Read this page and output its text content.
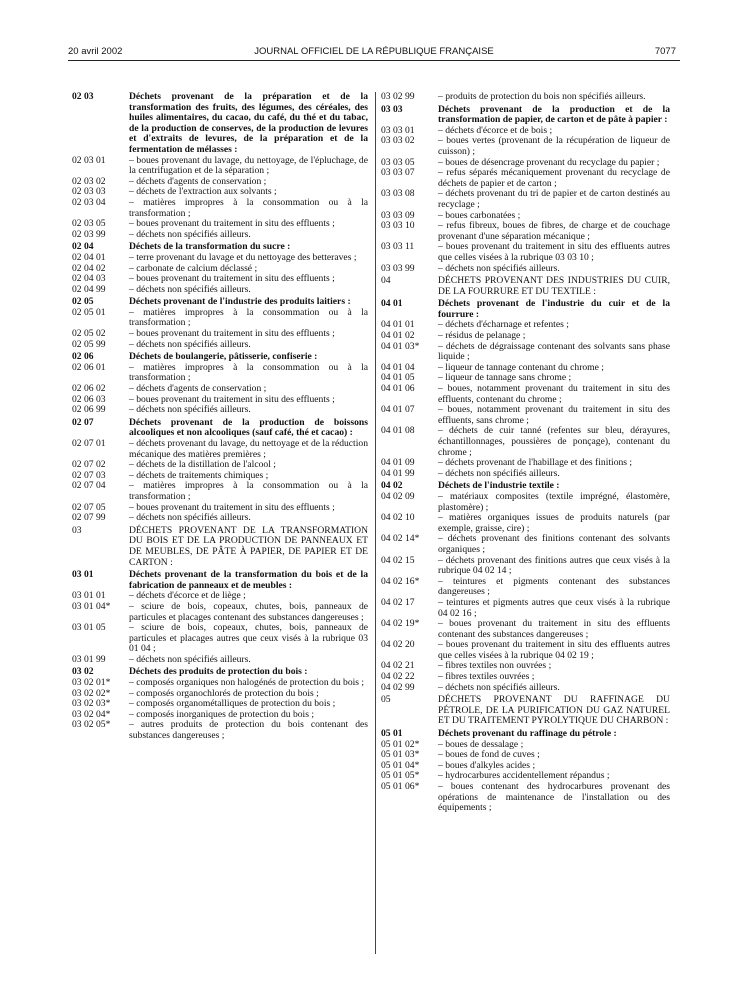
20 avril 2002	JOURNAL OFFICIEL DE LA RÉPUBLIQUE FRANÇAISE	7077
02 03	Déchets provenant de la préparation et de la transformation des fruits, des légumes, des céréales, des huiles alimentaires, du cacao, du café, du thé et du tabac, de la production de conserves, de la production de levures et d'extraits de levures, de la préparation et de la fermentation de mélasses :
02 03 01	– boues provenant du lavage, du nettoyage, de l'épluchage, de la centrifugation et de la séparation ;
02 03 02	– déchets d'agents de conservation ;
02 03 03	– déchets de l'extraction aux solvants ;
02 03 04	– matières impropres à la consommation ou à la transformation ;
02 03 05	– boues provenant du traitement in situ des effluents ;
02 03 99	– déchets non spécifiés ailleurs.
02 04	Déchets de la transformation du sucre :
02 04 01	– terre provenant du lavage et du nettoyage des betteraves ;
02 04 02	– carbonate de calcium déclassé ;
02 04 03	– boues provenant du traitement in situ des effluents ;
02 04 99	– déchets non spécifiés ailleurs.
02 05	Déchets provenant de l'industrie des produits laitiers :
02 05 01	– matières impropres à la consommation ou à la transformation ;
02 05 02	– boues provenant du traitement in situ des effluents ;
02 05 99	– déchets non spécifiés ailleurs.
02 06	Déchets de boulangerie, pâtisserie, confiserie :
02 06 01	– matières impropres à la consommation ou à la transformation ;
02 06 02	– déchets d'agents de conservation ;
02 06 03	– boues provenant du traitement in situ des effluents ;
02 06 99	– déchets non spécifiés ailleurs.
02 07	Déchets provenant de la production de boissons alcooliques et non alcooliques (sauf café, thé et cacao) :
02 07 01	– déchets provenant du lavage, du nettoyage et de la réduction mécanique des matières premières ;
02 07 02	– déchets de la distillation de l'alcool ;
02 07 03	– déchets de traitements chimiques ;
02 07 04	– matières impropres à la consommation ou à la transformation ;
02 07 05	– boues provenant du traitement in situ des effluents ;
02 07 99	– déchets non spécifiés ailleurs.
03	DÉCHETS PROVENANT DE LA TRANSFORMATION DU BOIS ET DE LA PRODUCTION DE PANNEAUX ET DE MEUBLES, DE PÂTE À PAPIER, DE PAPIER ET DE CARTON :
03 01	Déchets provenant de la transformation du bois et de la fabrication de panneaux et de meubles :
03 01 01	– déchets d'écorce et de liège ;
03 01 04*	– sciure de bois, copeaux, chutes, bois, panneaux de particules et placages contenant des substances dangereuses ;
03 01 05	– sciure de bois, copeaux, chutes, bois, panneaux de particules et placages autres que ceux visés à la rubrique 03 01 04 ;
03 01 99	– déchets non spécifiés ailleurs.
03 02	Déchets des produits de protection du bois :
03 02 01*	– composés organiques non halogénés de protection du bois ;
03 02 02*	– composés organochlorés de protection du bois ;
03 02 03*	– composés organométalliques de protection du bois ;
03 02 04*	– composés inorganiques de protection du bois ;
03 02 05*	– autres produits de protection du bois contenant des substances dangereuses ;
03 02 99	– produits de protection du bois non spécifiés ailleurs.
03 03	Déchets provenant de la production et de la transformation de papier, de carton et de pâte à papier :
03 03 01	– déchets d'écorce et de bois ;
03 03 02	– boues vertes (provenant de la récupération de liqueur de cuisson) ;
03 03 05	– boues de désencrage provenant du recyclage du papier ;
03 03 07	– refus séparés mécaniquement provenant du recyclage de déchets de papier et de carton ;
03 03 08	– déchets provenant du tri de papier et de carton destinés au recyclage ;
03 03 09	– boues carbonatées ;
03 03 10	– refus fibreux, boues de fibres, de charge et de couchage provenant d'une séparation mécanique ;
03 03 11	– boues provenant du traitement in situ des effluents autres que celles visées à la rubrique 03 03 10 ;
03 03 99	– déchets non spécifiés ailleurs.
04	DÉCHETS PROVENANT DES INDUSTRIES DU CUIR, DE LA FOURRURE ET DU TEXTILE :
04 01	Déchets provenant de l'industrie du cuir et de la fourrure :
04 01 01	– déchets d'écharnage et refentes ;
04 01 02	– résidus de pelanage ;
04 01 03*	– déchets de dégraissage contenant des solvants sans phase liquide ;
04 01 04	– liqueur de tannage contenant du chrome ;
04 01 05	– liqueur de tannage sans chrome ;
04 01 06	– boues, notamment provenant du traitement in situ des effluents, contenant du chrome ;
04 01 07	– boues, notamment provenant du traitement in situ des effluents, sans chrome ;
04 01 08	– déchets de cuir tanné (refentes sur bleu, dérayures, échantillonnages, poussières de ponçage), contenant du chrome ;
04 01 09	– déchets provenant de l'habillage et des finitions ;
04 01 99	– déchets non spécifiés ailleurs.
04 02	Déchets de l'industrie textile :
04 02 09	– matériaux composites (textile imprégné, élastomère, plastomère) ;
04 02 10	– matières organiques issues de produits naturels (par exemple, graisse, cire) ;
04 02 14*	– déchets provenant des finitions contenant des solvants organiques ;
04 02 15	– déchets provenant des finitions autres que ceux visés à la rubrique 04 02 14 ;
04 02 16*	– teintures et pigments contenant des substances dangereuses ;
04 02 17	– teintures et pigments autres que ceux visés à la rubrique 04 02 16 ;
04 02 19*	– boues provenant du traitement in situ des effluents contenant des substances dangereuses ;
04 02 20	– boues provenant du traitement in situ des effluents autres que celles visées à la rubrique 04 02 19 ;
04 02 21	– fibres textiles non ouvrées ;
04 02 22	– fibres textiles ouvrées ;
04 02 99	– déchets non spécifiés ailleurs.
05	DÉCHETS PROVENANT DU RAFFINAGE DU PÉTROLE, DE LA PURIFICATION DU GAZ NATUREL ET DU TRAITEMENT PYROLYTIQUE DU CHARBON :
05 01	Déchets provenant du raffinage du pétrole :
05 01 02*	– boues de dessalage ;
05 01 03*	– boues de fond de cuves ;
05 01 04*	– boues d'alkyles acides ;
05 01 05*	– hydrocarbures accidentellement répandus ;
05 01 06*	– boues contenant des hydrocarbures provenant des opérations de maintenance de l'installation ou des équipements ;
